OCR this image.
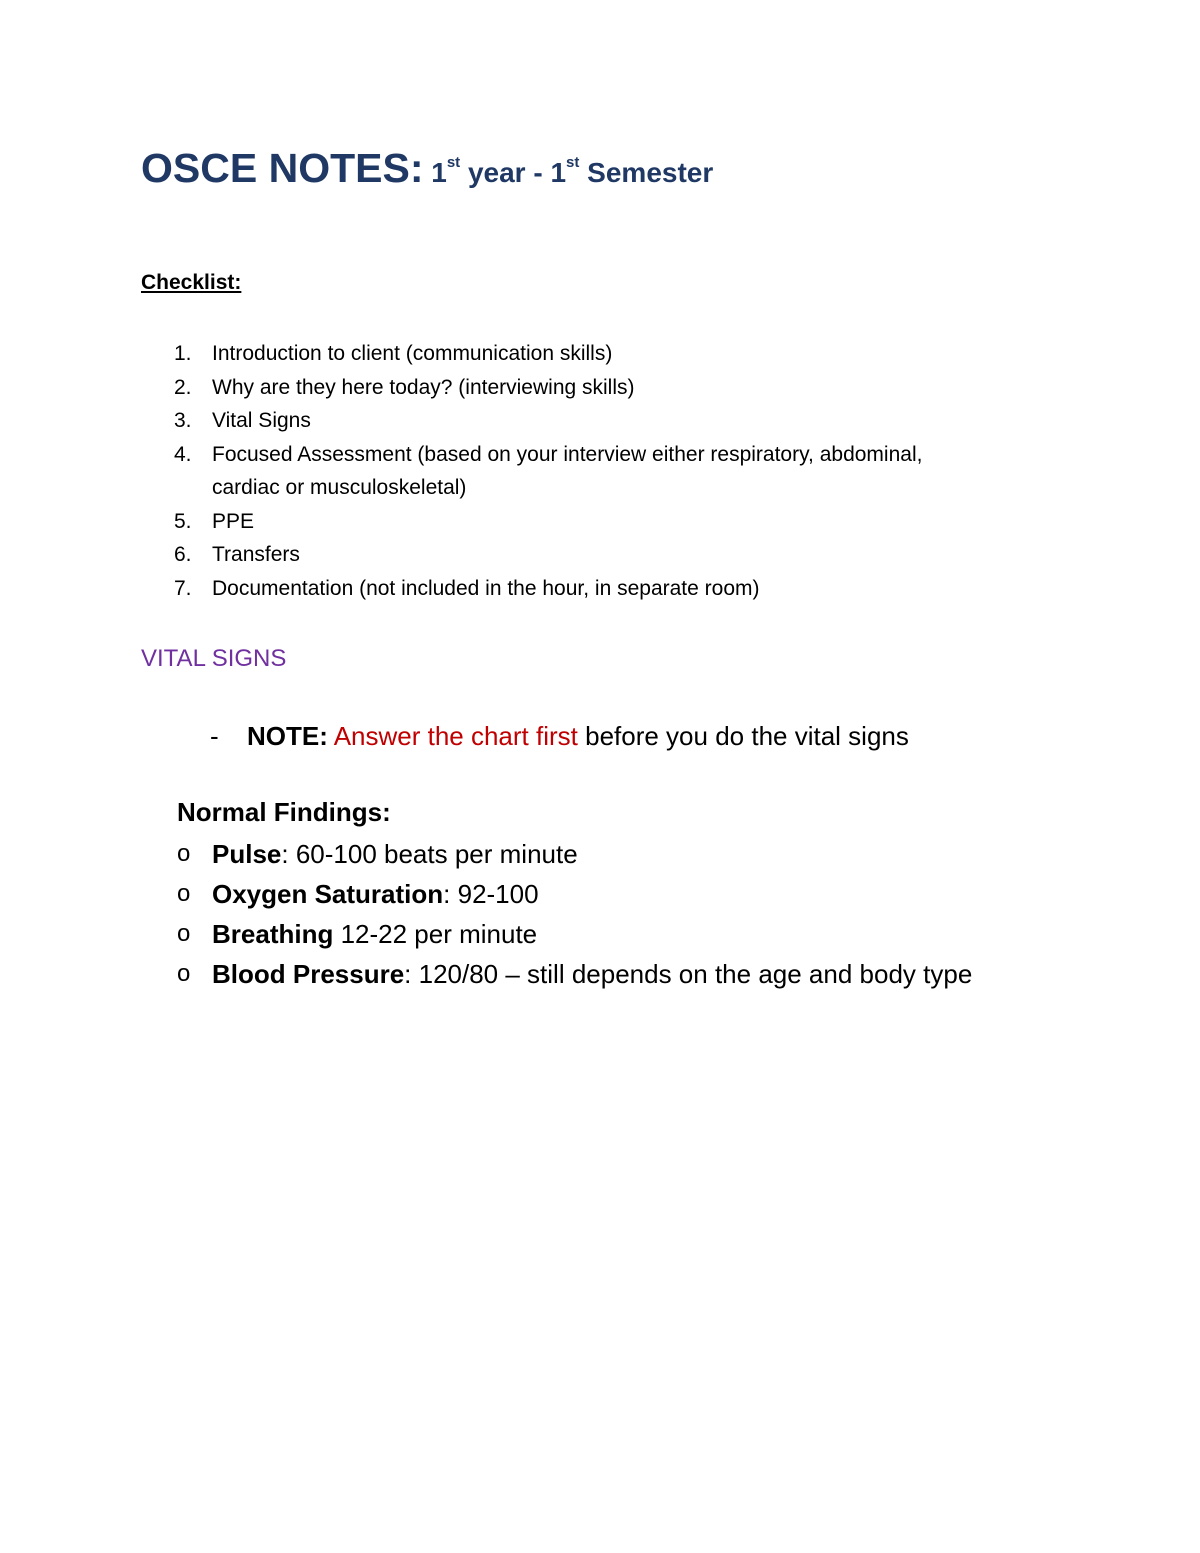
OSCE NOTES: 1st year - 1st Semester
Checklist:
1. Introduction to client (communication skills)
2. Why are they here today? (interviewing skills)
3. Vital Signs
4. Focused Assessment (based on your interview either respiratory, abdominal, cardiac or musculoskeletal)
5. PPE
6. Transfers
7. Documentation (not included in the hour, in separate room)
VITAL SIGNS

- NOTE: Answer the chart first before you do the vital signs

Normal Findings:
o Pulse: 60-100 beats per minute
o Oxygen Saturation: 92-100
o Breathing 12-22 per minute
o Blood Pressure: 120/80 – still depends on the age and body type
